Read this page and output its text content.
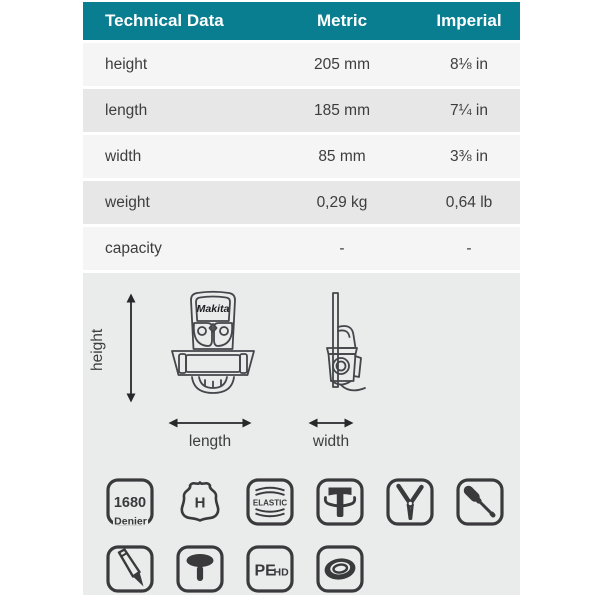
Technical Data	Metric	Imperial
height	205 mm	8⅛ in
length	185 mm	7¼ in
width	85 mm	3⅜ in
weight	0,29 kg	0,64 lb
capacity	-	-
height
Makita
length	width
1680
Denier
H	ELASTIC
PE
HD
